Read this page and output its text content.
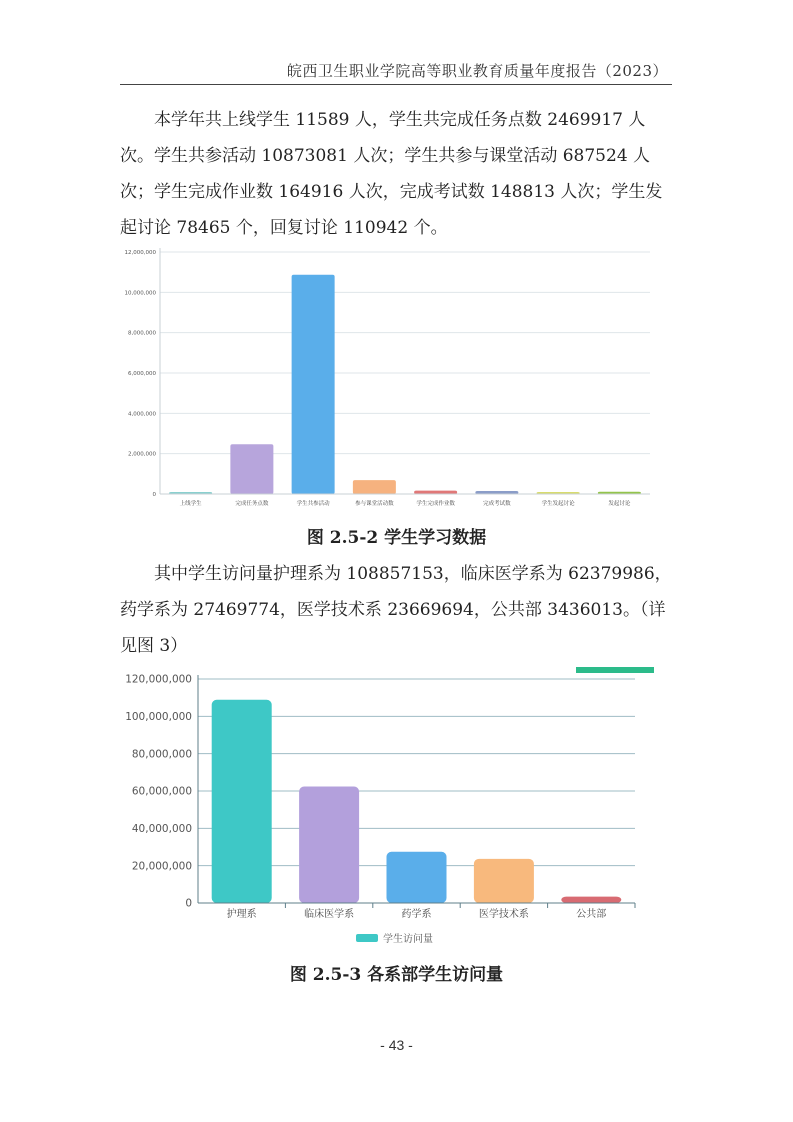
皖西卫生职业学院高等职业教育质量年度报告（2023）

本学年共上线学生 11589 人，学生共完成任务点数 2469917 人次。学生共参活动 10873081 人次；学生共参与课堂活动 687524 人次；学生完成作业数 164916 人次，完成考试数 148813 人次；学生发起讨论 78465 个，回复讨论 110942 个。

0
2,000,000
4,000,000
6,000,000
8,000,000
10,000,000
12,000,000
上线学生	完成任务点数	学生共参活动	参与课堂活动数	学生完成作业数	完成考试数	学生发起讨论	发起讨论
图 2.5-2 学生学习数据

其中学生访问量护理系为 108857153，临床医学系为 62379986，药学系为 27469774，医学技术系 23669694，公共部 3436013。（详见图 3）

0
20,000,000
40,000,000
60,000,000
80,000,000
100,000,000
120,000,000
护理系	临床医学系	药学系	医学技术系	公共部
学生访问量
图 2.5-3 各系部学生访问量
- 43 -
